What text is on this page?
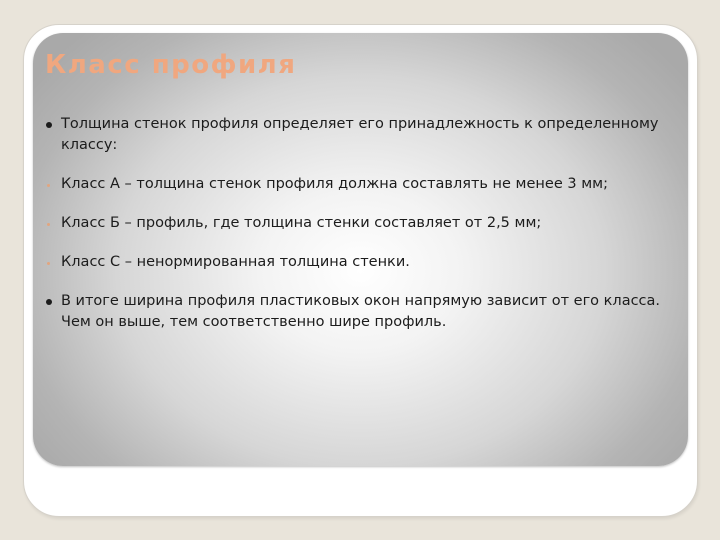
Класс профиля
Толщина стенок профиля определяет его принадлежность к определенному классу:
Класс А – толщина стенок профиля должна составлять не менее 3 мм;
Класс Б – профиль, где толщина стенки составляет от 2,5 мм;
Класс С – ненормированная толщина стенки.
В итоге ширина профиля пластиковых окон напрямую зависит от его класса. Чем он выше, тем соответственно шире профиль.
